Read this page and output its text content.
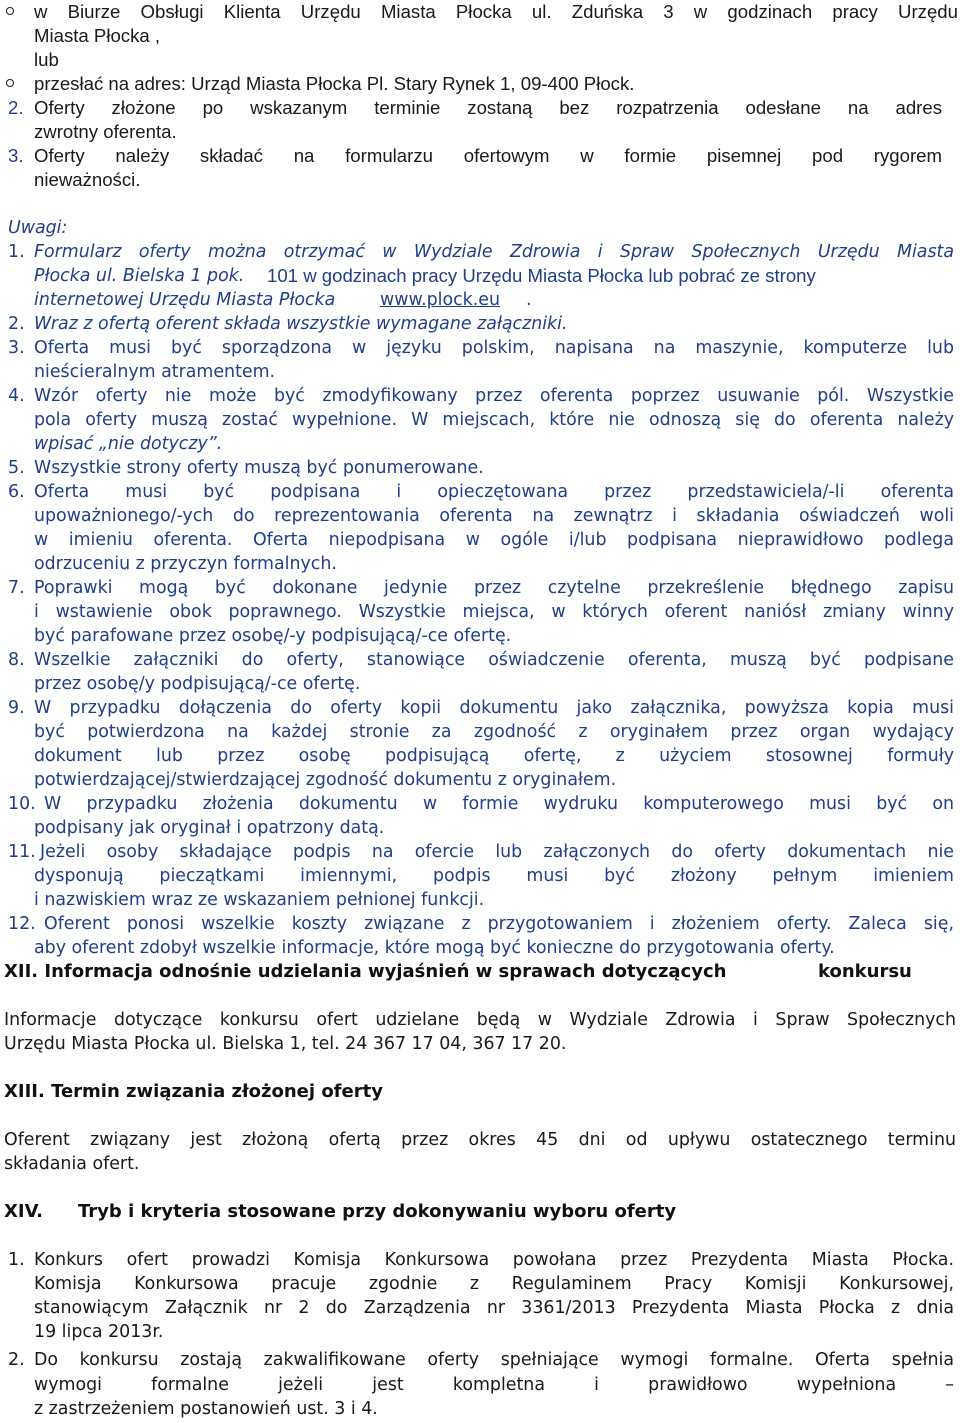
w Biurze Obsługi Klienta Urzędu Miasta Płocka ul. Zduńska 3 w godzinach pracy Urzędu
Miasta Płocka ,
lub
przesłać na adres: Urząd Miasta Płocka Pl. Stary Rynek 1, 09-400 Płock.
2. Oferty złożone po wskazanym terminie zostaną bez rozpatrzenia odesłane na adres
zwrotny oferenta.
3. Oferty należy składać na formularzu ofertowym w formie pisemnej pod rygorem
nieważności.
Uwagi:
1. Formularz oferty można otrzymać w Wydziale Zdrowia i Spraw Społecznych Urzędu Miasta
Płocka ul. Bielska 1 pok. 101 w godzinach pracy Urzędu Miasta Płocka lub pobrać ze strony
internetowej Urzędu Miasta Płocka	www.plock.eu .
2. Wraz z ofertą oferent składa wszystkie wymagane załączniki.
3. Oferta musi być sporządzona w języku polskim, napisana na maszynie, komputerze lub
nieścieralnym atramentem.
4. Wzór oferty nie może być zmodyfikowany przez oferenta poprzez usuwanie pól. Wszystkie
pola oferty muszą zostać wypełnione. W miejscach, które nie odnoszą się do oferenta należy
wpisać „nie dotyczy”.
5. Wszystkie strony oferty muszą być ponumerowane.
6. Oferta musi być podpisana i opieczętowana przez przedstawiciela/-li oferenta
upoważnionego/-ych do reprezentowania oferenta na zewnątrz i składania oświadczeń woli
w imieniu oferenta. Oferta niepodpisana w ogóle i/lub podpisana nieprawidłowo podlega
odrzuceniu z przyczyn formalnych.
7. Poprawki mogą być dokonane jedynie przez czytelne przekreślenie błędnego zapisu
i wstawienie obok poprawnego. Wszystkie miejsca, w których oferent naniósł zmiany winny
być parafowane przez osobę/-y podpisującą/-ce ofertę.
8. Wszelkie załączniki do oferty, stanowiące oświadczenie oferenta, muszą być podpisane
przez osobę/y podpisującą/-ce ofertę.
9. W przypadku dołączenia do oferty kopii dokumentu jako załącznika, powyższa kopia musi
być potwierdzona na każdej stronie za zgodność z oryginałem przez organ wydający
dokument lub przez osobę podpisującą ofertę, z użyciem stosownej formuły
potwierdzającej/stwierdzającej zgodność dokumentu z oryginałem.
10. W przypadku złożenia dokumentu w formie wydruku komputerowego musi być on
podpisany jak oryginał i opatrzony datą.
11. Jeżeli osoby składające podpis na ofercie lub załączonych do oferty dokumentach nie
dysponują pieczątkami imiennymi, podpis musi być złożony pełnym imieniem
i nazwiskiem wraz ze wskazaniem pełnionej funkcji.
12. Oferent ponosi wszelkie koszty związane z przygotowaniem i złożeniem oferty. Zaleca się,
aby oferent zdobył wszelkie informacje, które mogą być konieczne do przygotowania oferty.
XII. Informacja odnośnie udzielania wyjaśnień w sprawach dotyczących	konkursu
Informacje dotyczące konkursu ofert udzielane będą w Wydziale Zdrowia i Spraw Społecznych
Urzędu Miasta Płocka ul. Bielska 1, tel. 24 367 17 04, 367 17 20.
XIII. Termin związania złożonej oferty
Oferent związany jest złożoną ofertą przez okres 45 dni od upływu ostatecznego terminu
składania ofert.
XIV. Tryb i kryteria stosowane przy dokonywaniu wyboru oferty
1. Konkurs ofert prowadzi Komisja Konkursowa powołana przez Prezydenta Miasta Płocka.
Komisja Konkursowa pracuje zgodnie z Regulaminem Pracy Komisji Konkursowej,
stanowiącym Załącznik nr 2 do Zarządzenia nr 3361/2013 Prezydenta Miasta Płocka z dnia
19 lipca 2013r.
2. Do konkursu zostają zakwalifikowane oferty spełniające wymogi formalne. Oferta spełnia
wymogi formalne jeżeli jest kompletna i prawidłowo wypełniona –
z zastrzeżeniem postanowień ust. 3 i 4.
